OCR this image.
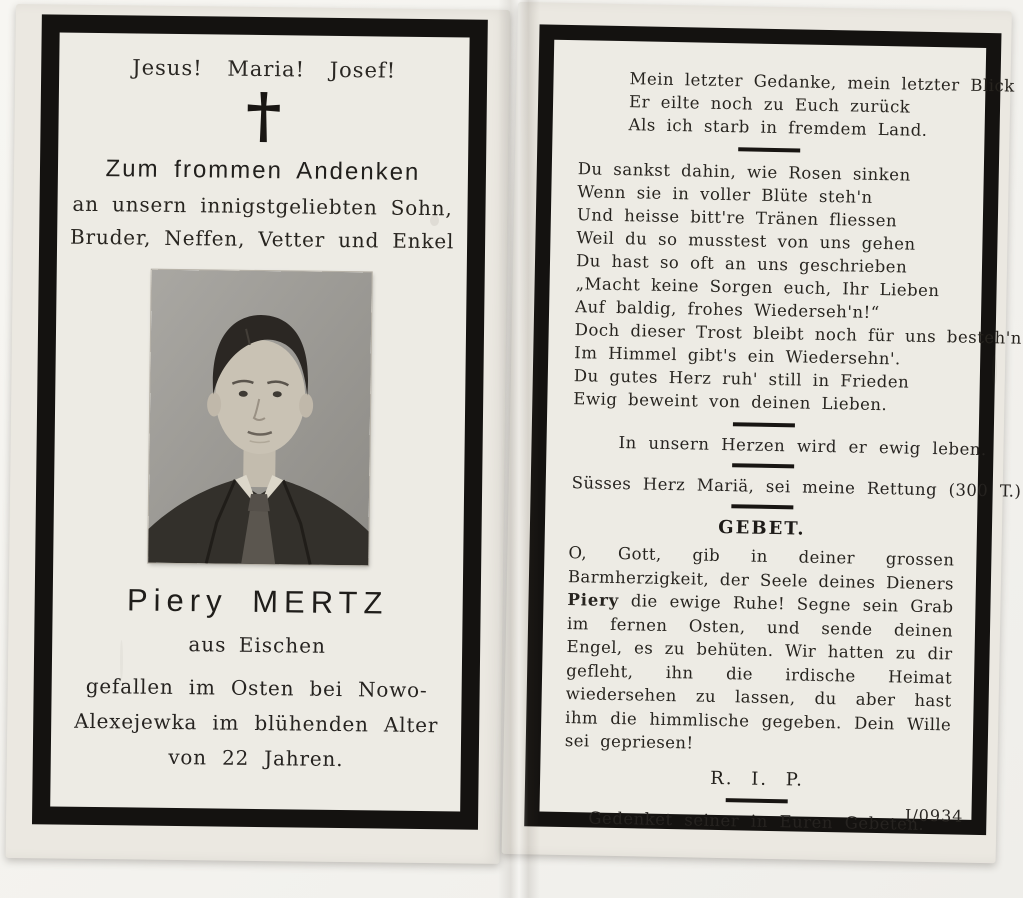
Jesus! Maria! Josef!
Zum frommen Andenken
an unsern innigstgeliebten Sohn,
Bruder, Neffen, Vetter und Enkel
Piery MERTZ
aus Eischen
gefallen im Osten bei Nowo-
Alexejewka im blühenden Alter
von 22 Jahren.
Mein letzter Gedanke, mein letzter Blick
Er eilte noch zu Euch zurück
Als ich starb in fremdem Land.
Du sankst dahin, wie Rosen sinken
Wenn sie in voller Blüte steh'n
Und heisse bitt're Tränen fliessen
Weil du so musstest von uns gehen
Du hast so oft an uns geschrieben
„Macht keine Sorgen euch, Ihr Lieben
Auf baldig, frohes Wiederseh'n!“
Doch dieser Trost bleibt noch für uns besteh'n
Im Himmel gibt's ein Wiedersehn'.
Du gutes Herz ruh' still in Frieden
Ewig beweint von deinen Lieben.
In unsern Herzen wird er ewig leben.
Süsses Herz Mariä, sei meine Rettung (300 T.)
GEBET.
O, Gott, gib in deiner grossen Barmherzigkeit, der Seele deines Dieners Piery die ewige Ruhe! Segne sein Grab im fernen Osten, und sende deinen Engel, es zu behüten. Wir hatten zu dir gefleht, ihn die irdische Heimat wiedersehen zu lassen, du aber hast ihm die himmlische gegeben. Dein Wille sei gepriesen!
R. I. P.
Gedenket seiner in Euren Gebeten.
I/0934
